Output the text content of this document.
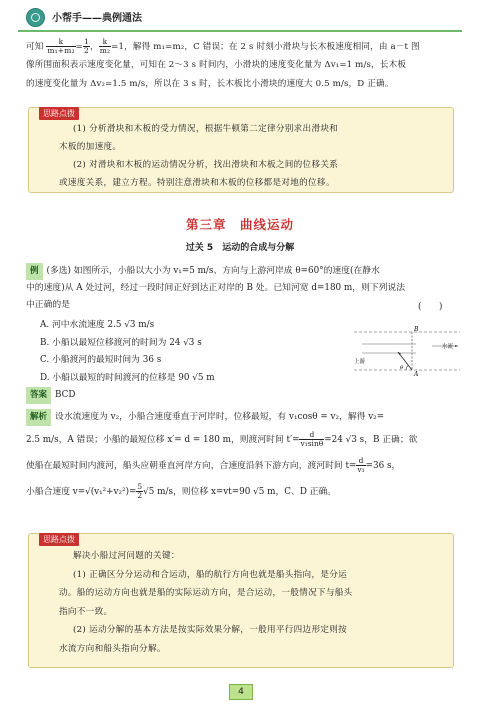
小帮手——典例通法
可知 $\frac{k}{\text{m₁+m₂}} = \frac{1}{2}$ ， $\frac{k}{\text{m₂}} =1$，解得 m₁=m₂，C 错误；在 2 s 时刻小滑块与长木板速度相同，由 a－t 图
像所围面积表示速度变化量，可知在 2～3 s 时间内，小滑块的速度变化量为 Δv₁=1 m/s，长木板
的速度变化量为 Δv₂=1.5 m/s，所以在 3 s 时，长木板比小滑块的速度大 0.5 m/s，D 正确。
思路点拨
(1) 分析滑块和木板的受力情况，根据牛顿第二定律分别求出滑块和
木板的加速度。
(2) 对滑块和木板的运动情况分析，找出滑块和木板之间的位移关系
或速度关系，建立方程。特别注意滑块和木板的位移都是对地的位移。
第三章　曲线运动
过关 5　运动的合成与分解
例 (多选) 如图所示，小船以大小为 v₁=5 m/s、方向与上游河岸成 θ=60°的速度(在静水
中的速度)从 A 处过河，经过一段时间正好到达正对岸的 B 处。已知河宽 d=180 m，则下列说法
中正确的是	(　　)
A. 河中水流速度 2.5 √3 m/s
B. 小船以最短位移渡河的时间为 24 √3 s
C. 小船渡河的最短时间为 36 s
D. 小船以最短的时间渡河的位移是 90 √5 m
B
A
水流
上游
θ
答案 BCD
解析 设水流速度为 v₂，小船合速度垂直于河岸时，位移最短，有 v₁cosθ = v₂，解得 v₂=
2.5 m/s，A 错误；小船的最短位移 x′= d = 180 m，则渡河时间 $t'= \frac{d}{\text{v₁sinθ}} =24$ √3 s，B 正确；欲
使船在最短时间内渡河，船头应朝垂直河岸方向，合速度沿斜下游方向，渡河时间 $t= \frac{d}{\text{v₁}} =36$ s，
小船合速度 $v=√(v_1^2+v_2^2)= \frac{5}{2} √5$ m/s，则位移 x=vt=90 √5 m，C、D 正确。
思路点拨
解决小船过河问题的关键：
(1) 正确区分分运动和合运动，船的航行方向也就是船头指向，是分运
动。船的运动方向也就是船的实际运动方向，是合运动，一般情况下与船头
指向不一致。
(2) 运动分解的基本方法是按实际效果分解，一般用平行四边形定则按
水流方向和船头指向分解。
4
